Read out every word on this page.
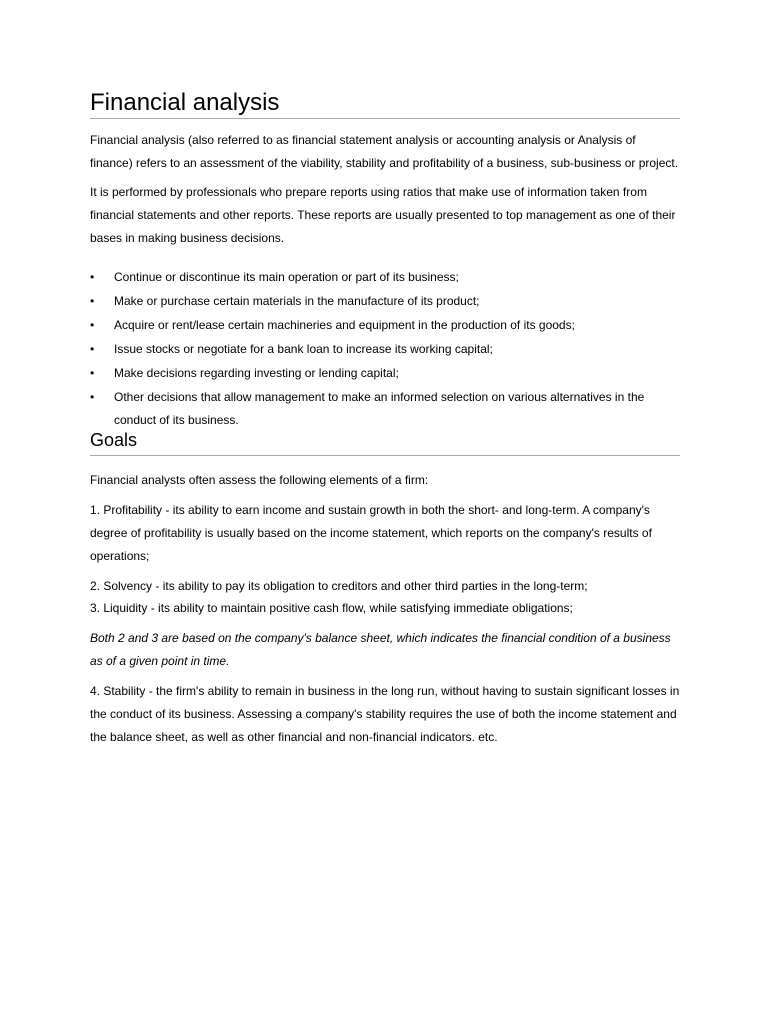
Financial analysis

Financial analysis (also referred to as financial statement analysis or accounting analysis or Analysis of finance) refers to an assessment of the viability, stability and profitability of a business, sub-business or project.

It is performed by professionals who prepare reports using ratios that make use of information taken from financial statements and other reports. These reports are usually presented to top management as one of their bases in making business decisions.

•	Continue or discontinue its main operation or part of its business;
•	Make or purchase certain materials in the manufacture of its product;
•	Acquire or rent/lease certain machineries and equipment in the production of its goods;
•	Issue stocks or negotiate for a bank loan to increase its working capital;
•	Make decisions regarding investing or lending capital;
•	Other decisions that allow management to make an informed selection on various alternatives in the conduct of its business.
Goals

Financial analysts often assess the following elements of a firm:

1. Profitability - its ability to earn income and sustain growth in both the short- and long-term. A company's degree of profitability is usually based on the income statement, which reports on the company's results of operations;

2. Solvency - its ability to pay its obligation to creditors and other third parties in the long-term;

3. Liquidity - its ability to maintain positive cash flow, while satisfying immediate obligations;

Both 2 and 3 are based on the company's balance sheet, which indicates the financial condition of a business as of a given point in time.

4. Stability - the firm's ability to remain in business in the long run, without having to sustain significant losses in the conduct of its business. Assessing a company's stability requires the use of both the income statement and the balance sheet, as well as other financial and non-financial indicators. etc.
